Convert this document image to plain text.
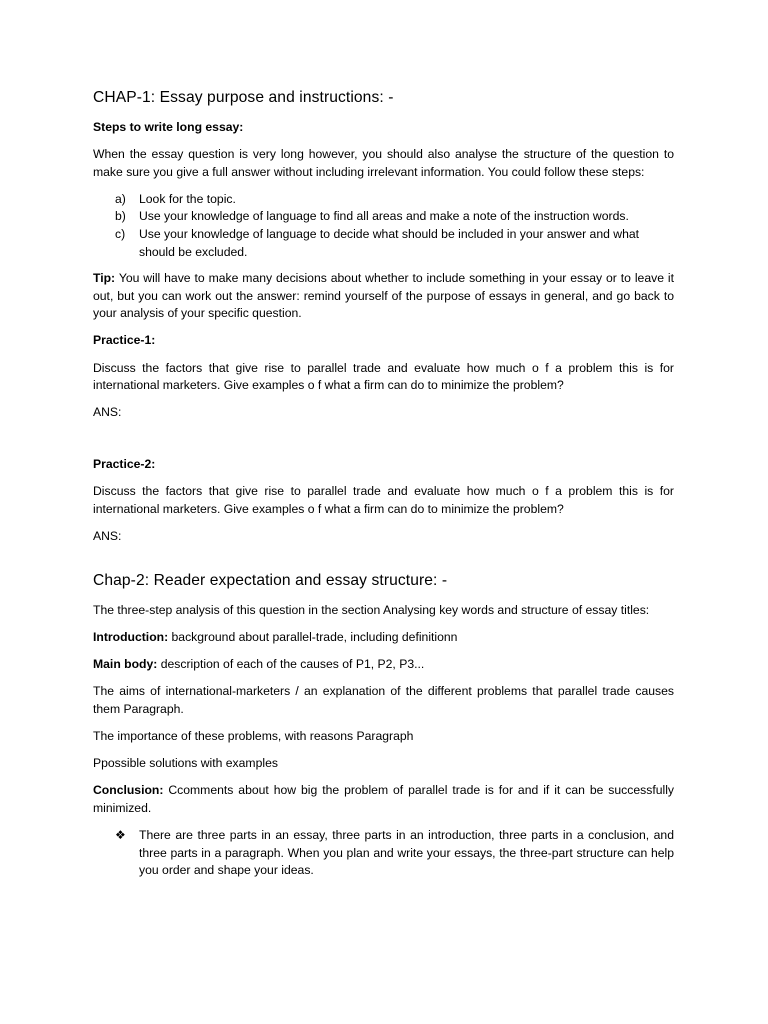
CHAP-1: Essay purpose and instructions: -

Steps to write long essay:

When the essay question is very long however, you should also analyse the structure of the question to make sure you give a full answer without including irrelevant information. You could follow these steps:

a) Look for the topic.
b) Use your knowledge of language to find all areas and make a note of the instruction words.
c) Use your knowledge of language to decide what should be included in your answer and what should be excluded.

Tip: You will have to make many decisions about whether to include something in your essay or to leave it out, but you can work out the answer: remind yourself of the purpose of essays in general, and go back to your analysis of your specific question.

Practice-1:

Discuss the factors that give rise to parallel trade and evaluate how much o f a problem this is for international marketers. Give examples o f what a firm can do to minimize the problem?

ANS:

Practice-2:

Discuss the factors that give rise to parallel trade and evaluate how much o f a problem this is for international marketers. Give examples o f what a firm can do to minimize the problem?

ANS:

Chap-2: Reader expectation and essay structure: -

The three-step analysis of this question in the section Analysing key words and structure of essay titles:

Introduction: background about parallel-trade, including definitionn

Main body: description of each of the causes of P1, P2, P3...

The aims of international-marketers / an explanation of the different problems that parallel trade causes them Paragraph.

The importance of these problems, with reasons Paragraph

Ppossible solutions with examples

Conclusion: Ccomments about how big the problem of parallel trade is for and if it can be successfully minimized.

❖ There are three parts in an essay, three parts in an introduction, three parts in a conclusion, and three parts in a paragraph. When you plan and write your essays, the three-part structure can help you order and shape your ideas.
